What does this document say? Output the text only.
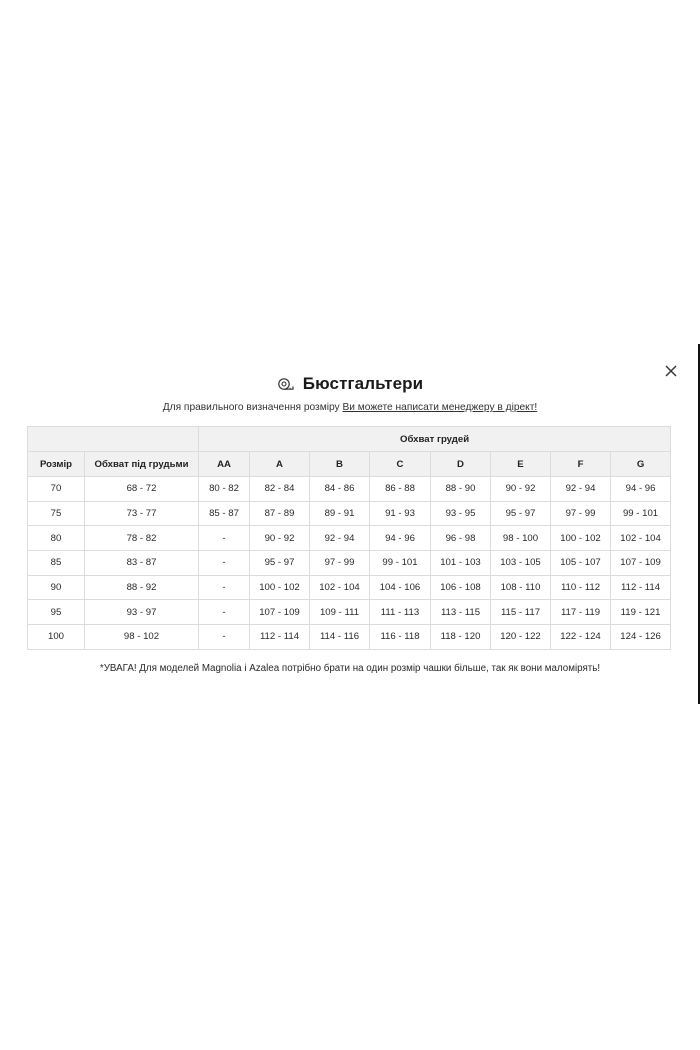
Бюстгальтери
Для правильного визначення розміру Ви можете написати менеджеру в дірект!
		Обхват грудей							
Розмір	Обхват під грудьми	AA	A	B	C	D	E	F	G
70	68 - 72	80 - 82	82 - 84	84 - 86	86 - 88	88 - 90	90 - 92	92 - 94	94 - 96
75	73 - 77	85 - 87	87 - 89	89 - 91	91 - 93	93 - 95	95 - 97	97 - 99	99 - 101
80	78 - 82	-	90 - 92	92 - 94	94 - 96	96 - 98	98 - 100	100 - 102	102 - 104
85	83 - 87	-	95 - 97	97 - 99	99 - 101	101 - 103	103 - 105	105 - 107	107 - 109
90	88 - 92	-	100 - 102	102 - 104	104 - 106	106 - 108	108 - 110	110 - 112	112 - 114
95	93 - 97	-	107 - 109	109 - 111	111 - 113	113 - 115	115 - 117	117 - 119	119 - 121
100	98 - 102	-	112 - 114	114 - 116	116 - 118	118 - 120	120 - 122	122 - 124	124 - 126
*УВАГА! Для моделей Magnolia і Azalea потрібно брати на один розмір чашки більше, так як вони маломірять!
